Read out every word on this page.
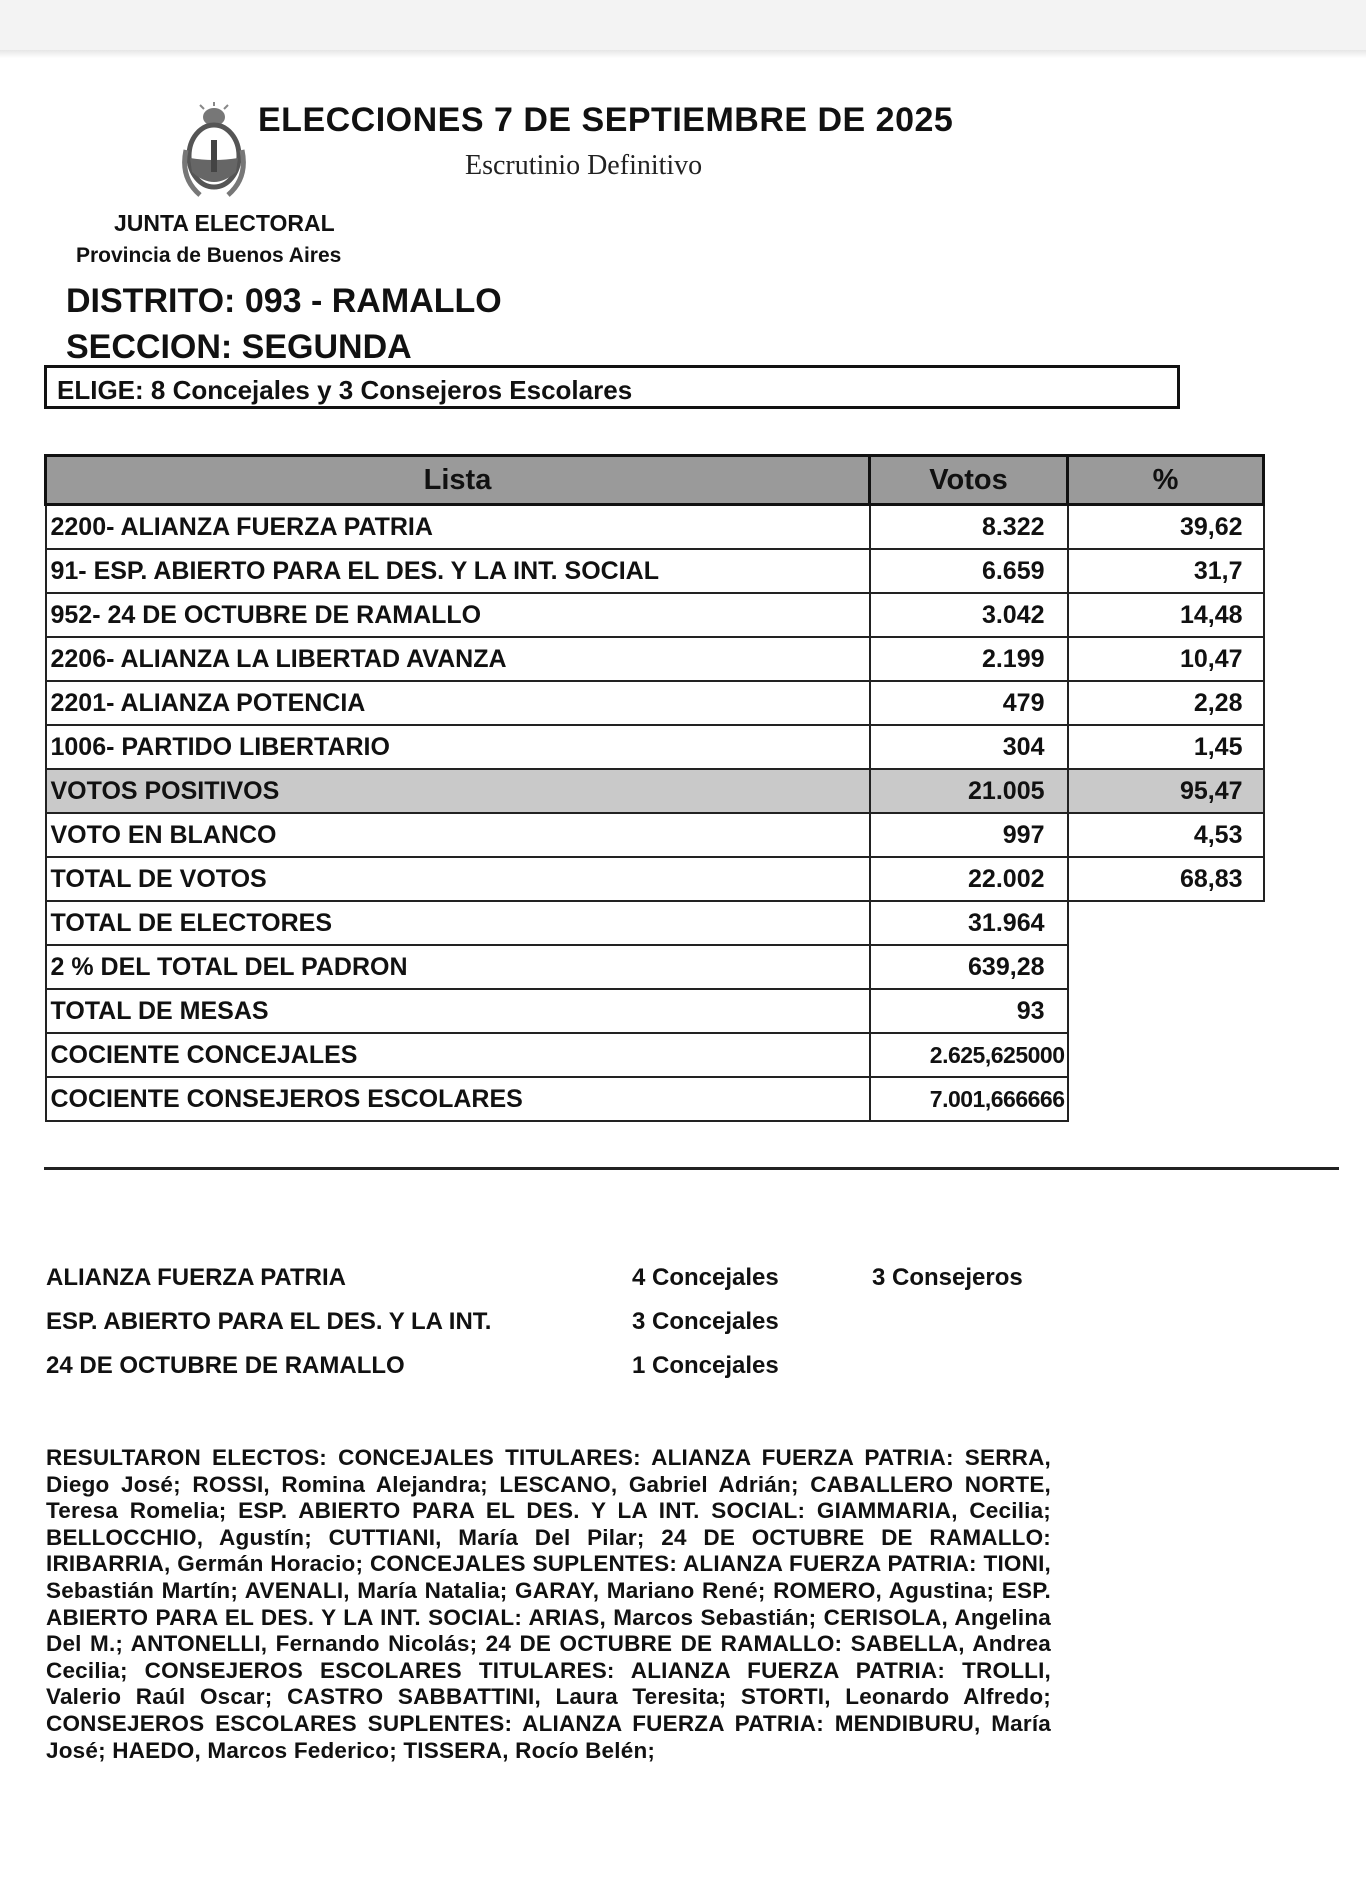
ELECCIONES 7 DE SEPTIEMBRE DE 2025
Escrutinio Definitivo
JUNTA ELECTORAL
Provincia de Buenos Aires
DISTRITO: 093 - RAMALLO
SECCION: SEGUNDA
ELIGE: 8 Concejales y 3 Consejeros Escolares
Lista	Votos	%
2200- ALIANZA FUERZA PATRIA	8.322	39,62
91- ESP. ABIERTO PARA EL DES. Y LA INT. SOCIAL	6.659	31,7
952- 24 DE OCTUBRE DE RAMALLO	3.042	14,48
2206- ALIANZA LA LIBERTAD AVANZA	2.199	10,47
2201- ALIANZA POTENCIA	479	2,28
1006- PARTIDO LIBERTARIO	304	1,45
VOTOS POSITIVOS	21.005	95,47
VOTO EN BLANCO	997	4,53
TOTAL DE VOTOS	22.002	68,83
TOTAL DE ELECTORES	31.964	
2 % DEL TOTAL DEL PADRON	639,28	
TOTAL DE MESAS	93	
COCIENTE CONCEJALES	2.625,625000	
COCIENTE CONSEJEROS ESCOLARES	7.001,666666	
ALIANZA FUERZA PATRIA	4 Concejales	3 Consejeros
ESP. ABIERTO PARA EL DES. Y LA INT.	3 Concejales
24 DE OCTUBRE DE RAMALLO	1 Concejales
RESULTARON ELECTOS: CONCEJALES TITULARES: ALIANZA FUERZA PATRIA: SERRA, Diego José; ROSSI, Romina Alejandra; LESCANO, Gabriel Adrián; CABALLERO NORTE, Teresa Romelia; ESP. ABIERTO PARA EL DES. Y LA INT. SOCIAL: GIAMMARIA, Cecilia; BELLOCCHIO, Agustín; CUTTIANI, María Del Pilar; 24 DE OCTUBRE DE RAMALLO: IRIBARRIA, Germán Horacio; CONCEJALES SUPLENTES: ALIANZA FUERZA PATRIA: TIONI, Sebastián Martín; AVENALI, María Natalia; GARAY, Mariano René; ROMERO, Agustina; ESP. ABIERTO PARA EL DES. Y LA INT. SOCIAL: ARIAS, Marcos Sebastián; CERISOLA, Angelina Del M.; ANTONELLI, Fernando Nicolás; 24 DE OCTUBRE DE RAMALLO: SABELLA, Andrea Cecilia; CONSEJEROS ESCOLARES TITULARES: ALIANZA FUERZA PATRIA: TROLLI, Valerio Raúl Oscar; CASTRO SABBATTINI, Laura Teresita; STORTI, Leonardo Alfredo; CONSEJEROS ESCOLARES SUPLENTES: ALIANZA FUERZA PATRIA: MENDIBURU, María José; HAEDO, Marcos Federico; TISSERA, Rocío Belén;
